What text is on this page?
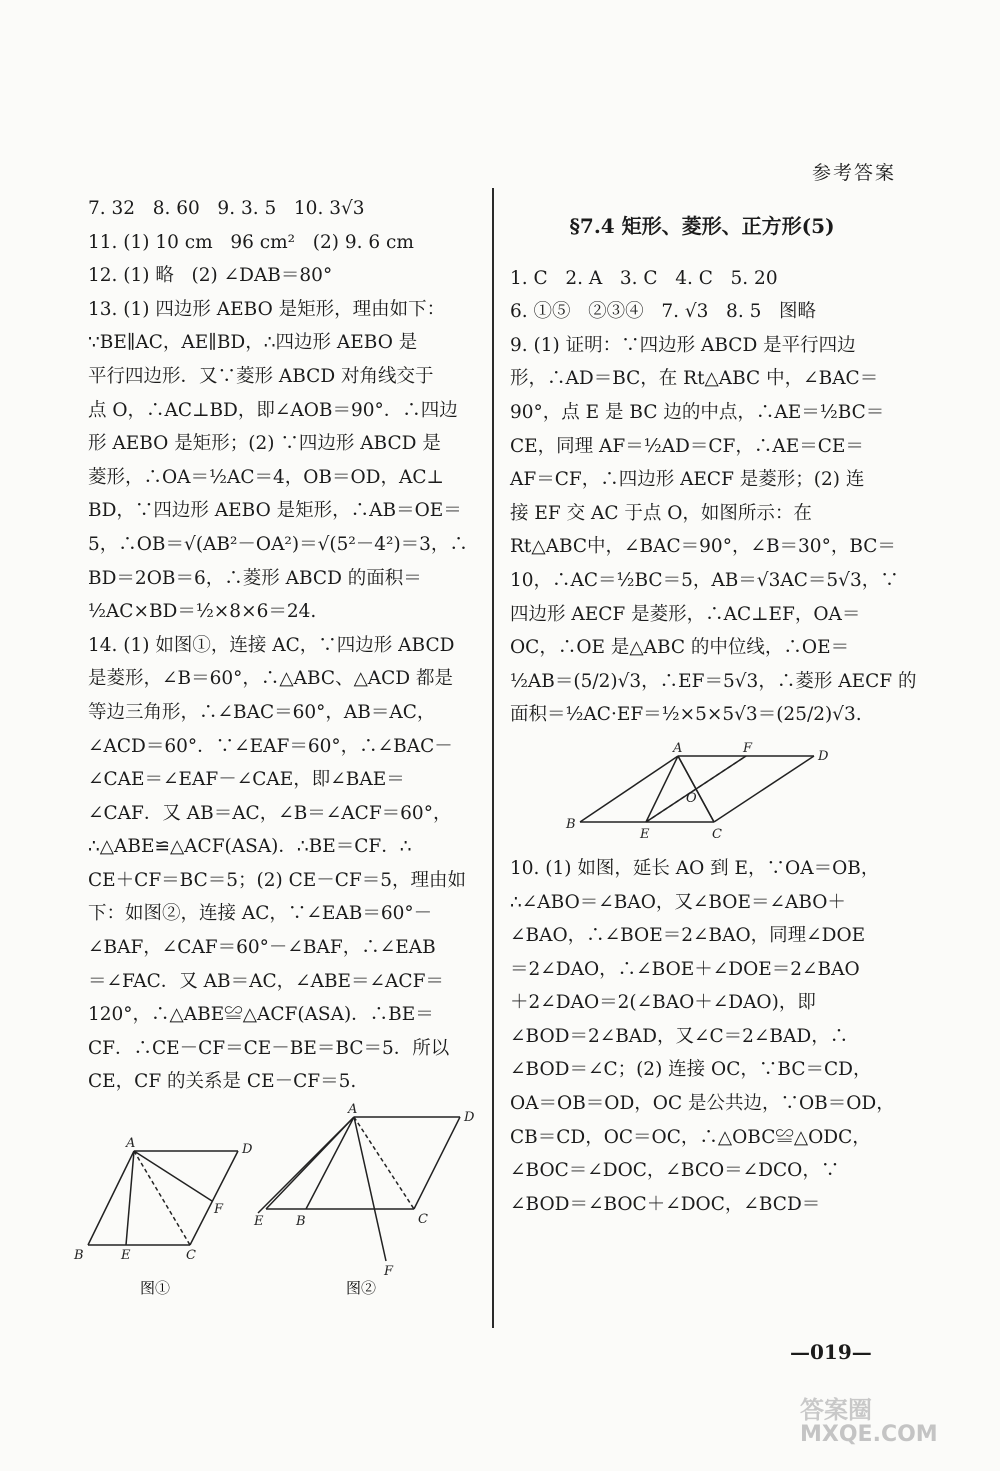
参考答案
7. 32   8. 60   9. 3. 5   10. 3√3
11. (1) 10 cm   96 cm²   (2) 9. 6 cm
12. (1) 略   (2) ∠DAB＝80°
13. (1) 四边形 AEBO 是矩形，理由如下：
∵BE∥AC，AE∥BD，∴四边形 AEBO 是
平行四边形．又∵菱形 ABCD 对角线交于
点 O，∴AC⊥BD，即∠AOB＝90°．∴四边
形 AEBO 是矩形；(2) ∵四边形 ABCD 是
菱形，∴OA＝½AC＝4，OB＝OD，AC⊥
BD，∵四边形 AEBO 是矩形，∴AB＝OE＝
5，∴OB＝√(AB²－OA²)＝√(5²－4²)＝3，∴
BD＝2OB＝6，∴菱形 ABCD 的面积＝
½AC×BD＝½×8×6＝24.
14. (1) 如图①，连接 AC，∵四边形 ABCD
是菱形，∠B＝60°，∴△ABC、△ACD 都是
等边三角形，∴∠BAC＝60°，AB＝AC，
∠ACD＝60°．∵∠EAF＝60°，∴∠BAC－
∠CAE＝∠EAF－∠CAE，即∠BAE＝
∠CAF．又 AB＝AC，∠B＝∠ACF＝60°，
∴△ABE≌△ACF(ASA)．∴BE＝CF．∴
CE＋CF＝BC＝5；(2) CE－CF＝5，理由如
下：如图②，连接 AC，∵∠EAB＝60°－
∠BAF，∠CAF＝60°－∠BAF，∴∠EAB
＝∠FAC．又 AB＝AC，∠ABE＝∠ACF＝
120°，∴△ABE≌△ACF(ASA)．∴BE＝
CF．∴CE－CF＝CE－BE＝BC＝5．所以
CE，CF 的关系是 CE－CF＝5.
A	D
F
B	E	C
图①
A
D
E	B	C
F
图②
§7.4 矩形、菱形、正方形(5)
1. C   2. A   3. C   4. C   5. 20
6. ①⑤   ②③④   7. √3   8. 5   图略
9. (1) 证明：∵四边形 ABCD 是平行四边
形，∴AD＝BC，在 Rt△ABC 中，∠BAC＝
90°，点 E 是 BC 边的中点，∴AE＝½BC＝
CE，同理 AF＝½AD＝CF，∴AE＝CE＝
AF＝CF，∴四边形 AECF 是菱形；(2) 连
接 EF 交 AC 于点 O，如图所示：在
Rt△ABC中，∠BAC＝90°，∠B＝30°，BC＝
10，∴AC＝½BC＝5，AB＝√3AC＝5√3，∵
四边形 AECF 是菱形，∴AC⊥EF，OA＝
OC，∴OE 是△ABC 的中位线，∴OE＝
½AB＝(5/2)√3，∴EF＝5√3，∴菱形 AECF 的
面积＝½AC·EF＝½×5×5√3＝(25/2)√3.
A	F
D
O
B
E	C
10. (1) 如图，延长 AO 到 E，∵OA＝OB，
∴∠ABO＝∠BAO，又∠BOE＝∠ABO＋
∠BAO，∴∠BOE＝2∠BAO，同理∠DOE
＝2∠DAO，∴∠BOE＋∠DOE＝2∠BAO
＋2∠DAO＝2(∠BAO＋∠DAO)，即
∠BOD＝2∠BAD，又∠C＝2∠BAD，∴
∠BOD＝∠C；(2) 连接 OC，∵BC＝CD，
OA＝OB＝OD，OC 是公共边，∵OB＝OD，
CB＝CD，OC＝OC，∴△OBC≌△ODC，
∠BOC＝∠DOC，∠BCO＝∠DCO，∵
∠BOD＝∠BOC＋∠DOC，∠BCD＝
—019—
答案圈
MXQE.COM
